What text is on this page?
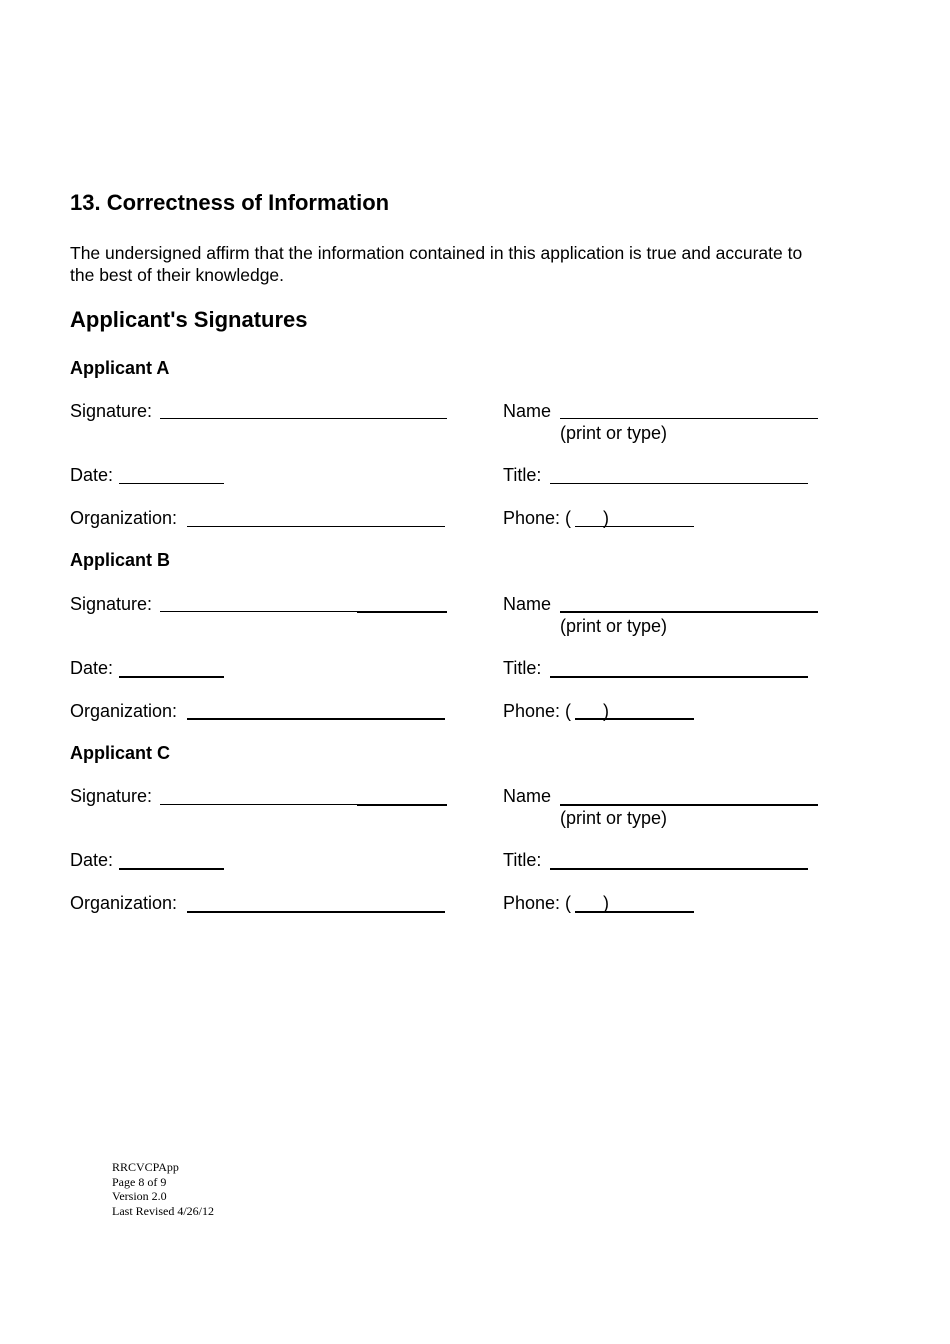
13. Correctness of Information
The undersigned affirm that the information contained in this application is true and accurate to
the best of their knowledge.
Applicant's Signatures
Applicant A
Signature:	Name
(print or type)
Date:	Title:
Organization:	Phone: ( )
Applicant B
Signature:	Name
(print or type)
Date:	Title:
Organization:	Phone: ( )
Applicant C
Signature:	Name
(print or type)
Date:	Title:
Organization:	Phone: ( )
RRCVCPApp
Page 8 of 9
Version 2.0
Last Revised 4/26/12
